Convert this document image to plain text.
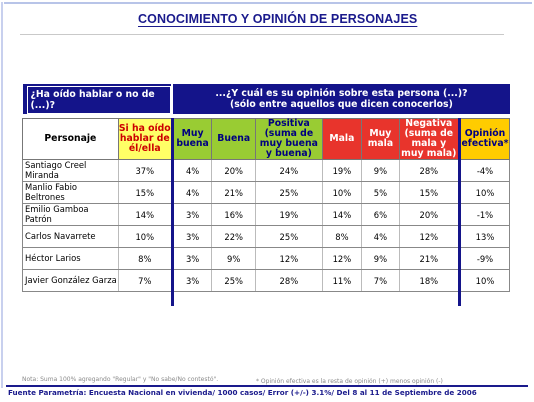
CONOCIMIENTO Y OPINIÓN DE PERSONAJES
¿Ha oído hablar o no de (...)?		...¿Y cuál es su opinión sobre esta persona (...)?
(sólo entre aquellos que dicen conocerlos)						

Personaje	Si ha oído hablar de él/ella	Muy buena	Buena	Positiva (suma de muy buena y buena)	Mala	Muy mala	Negativa (suma de mala y muy mala)	Opinión efectiva*
Santiago Creel Miranda	37%	4%	20%	24%	19%	9%	28%	-4%
Manlio Fabio Beltrones	15%	4%	21%	25%	10%	5%	15%	10%
Emilio Gamboa Patrón	14%	3%	16%	19%	14%	6%	20%	-1%
Carlos Navarrete	10%	3%	22%	25%	8%	4%	12%	13%
Héctor Larios	8%	3%	9%	12%	12%	9%	21%	-9%
Javier González Garza	7%	3%	25%	28%	11%	7%	18%	10%

Nota: Suma 100% agregando "Regular" y "No sabe/No contestó".	* Opinión efectiva es la resta de opinión (+) menos opinión (-)
Fuente Parametría: Encuesta Nacional en vivienda/ 1000 casos/ Error (+/-) 3.1%/ Del 8 al 11 de Septiembre de 2006
